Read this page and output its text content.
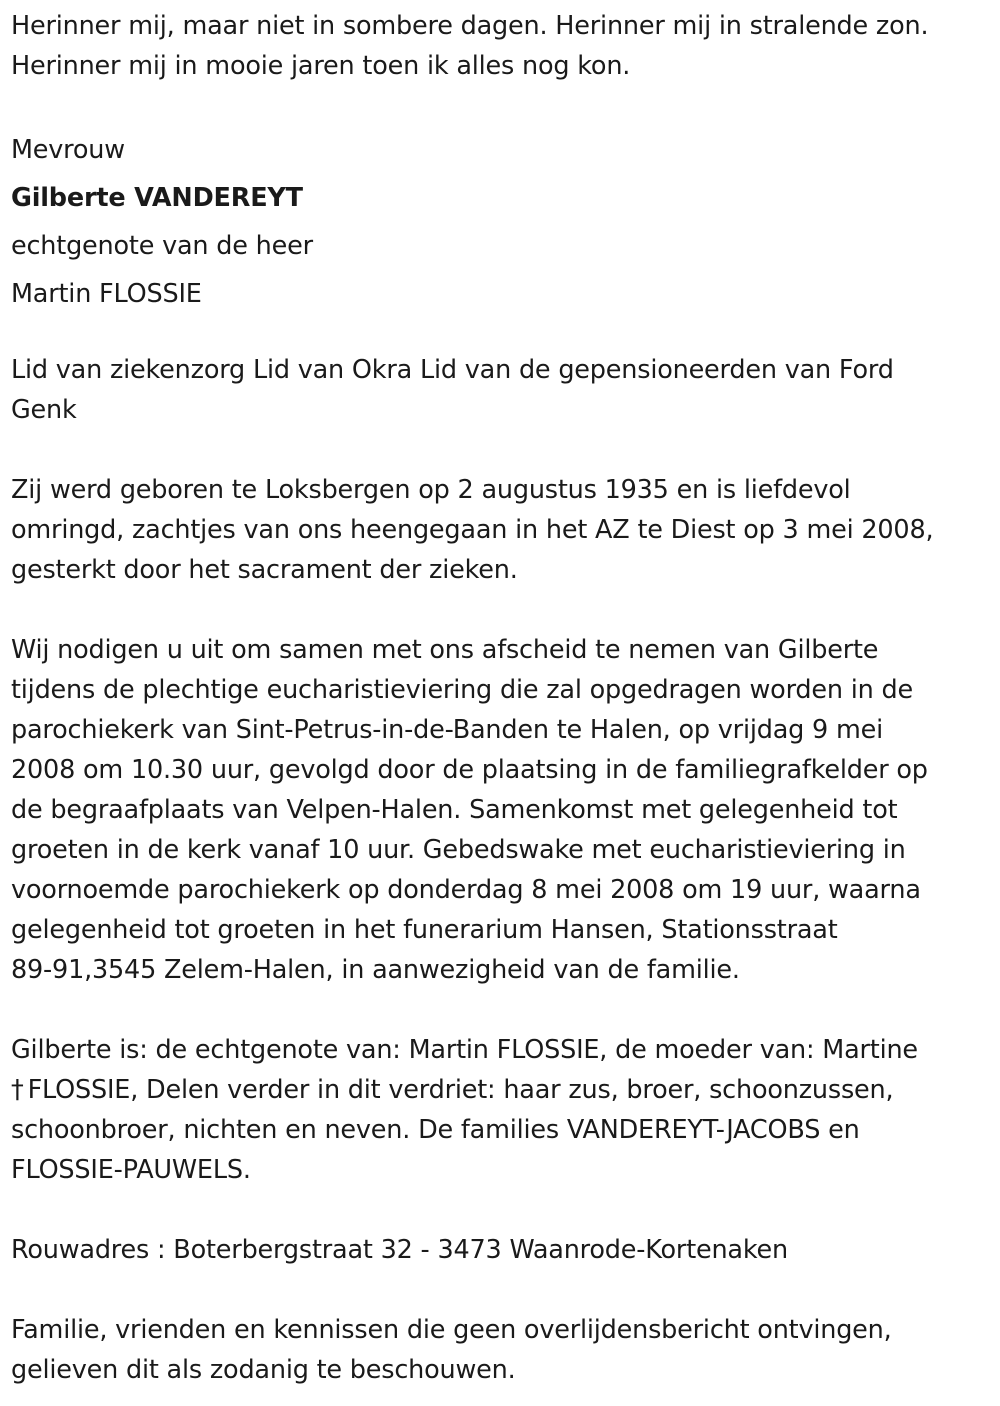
Herinner mij, maar niet in sombere dagen. Herinner mij in stralende zon.
Herinner mij in mooie jaren toen ik alles nog kon.
Mevrouw
Gilberte VANDEREYT
echtgenote van de heer
Martin FLOSSIE
Lid van ziekenzorg Lid van Okra Lid van de gepensioneerden van Ford
Genk
Zij werd geboren te Loksbergen op 2 augustus 1935 en is liefdevol
omringd, zachtjes van ons heengegaan in het AZ te Diest op 3 mei 2008,
gesterkt door het sacrament der zieken.
Wij nodigen u uit om samen met ons afscheid te nemen van Gilberte
tijdens de plechtige eucharistieviering die zal opgedragen worden in de
parochiekerk van Sint-Petrus-in-de-Banden te Halen, op vrijdag 9 mei
2008 om 10.30 uur, gevolgd door de plaatsing in de familiegrafkelder op
de begraafplaats van Velpen-Halen. Samenkomst met gelegenheid tot
groeten in de kerk vanaf 10 uur. Gebedswake met eucharistieviering in
voornoemde parochiekerk op donderdag 8 mei 2008 om 19 uur, waarna
gelegenheid tot groeten in het funerarium Hansen, Stationsstraat
89-91,3545 Zelem-Halen, in aanwezigheid van de familie.
Gilberte is: de echtgenote van: Martin FLOSSIE, de moeder van: Martine
† FLOSSIE, Delen verder in dit verdriet: haar zus, broer, schoonzussen,
schoonbroer, nichten en neven. De families VANDEREYT-JACOBS en
FLOSSIE-PAUWELS.
Rouwadres : Boterbergstraat 32 - 3473 Waanrode-Kortenaken
Familie, vrienden en kennissen die geen overlijdensbericht ontvingen,
gelieven dit als zodanig te beschouwen.
